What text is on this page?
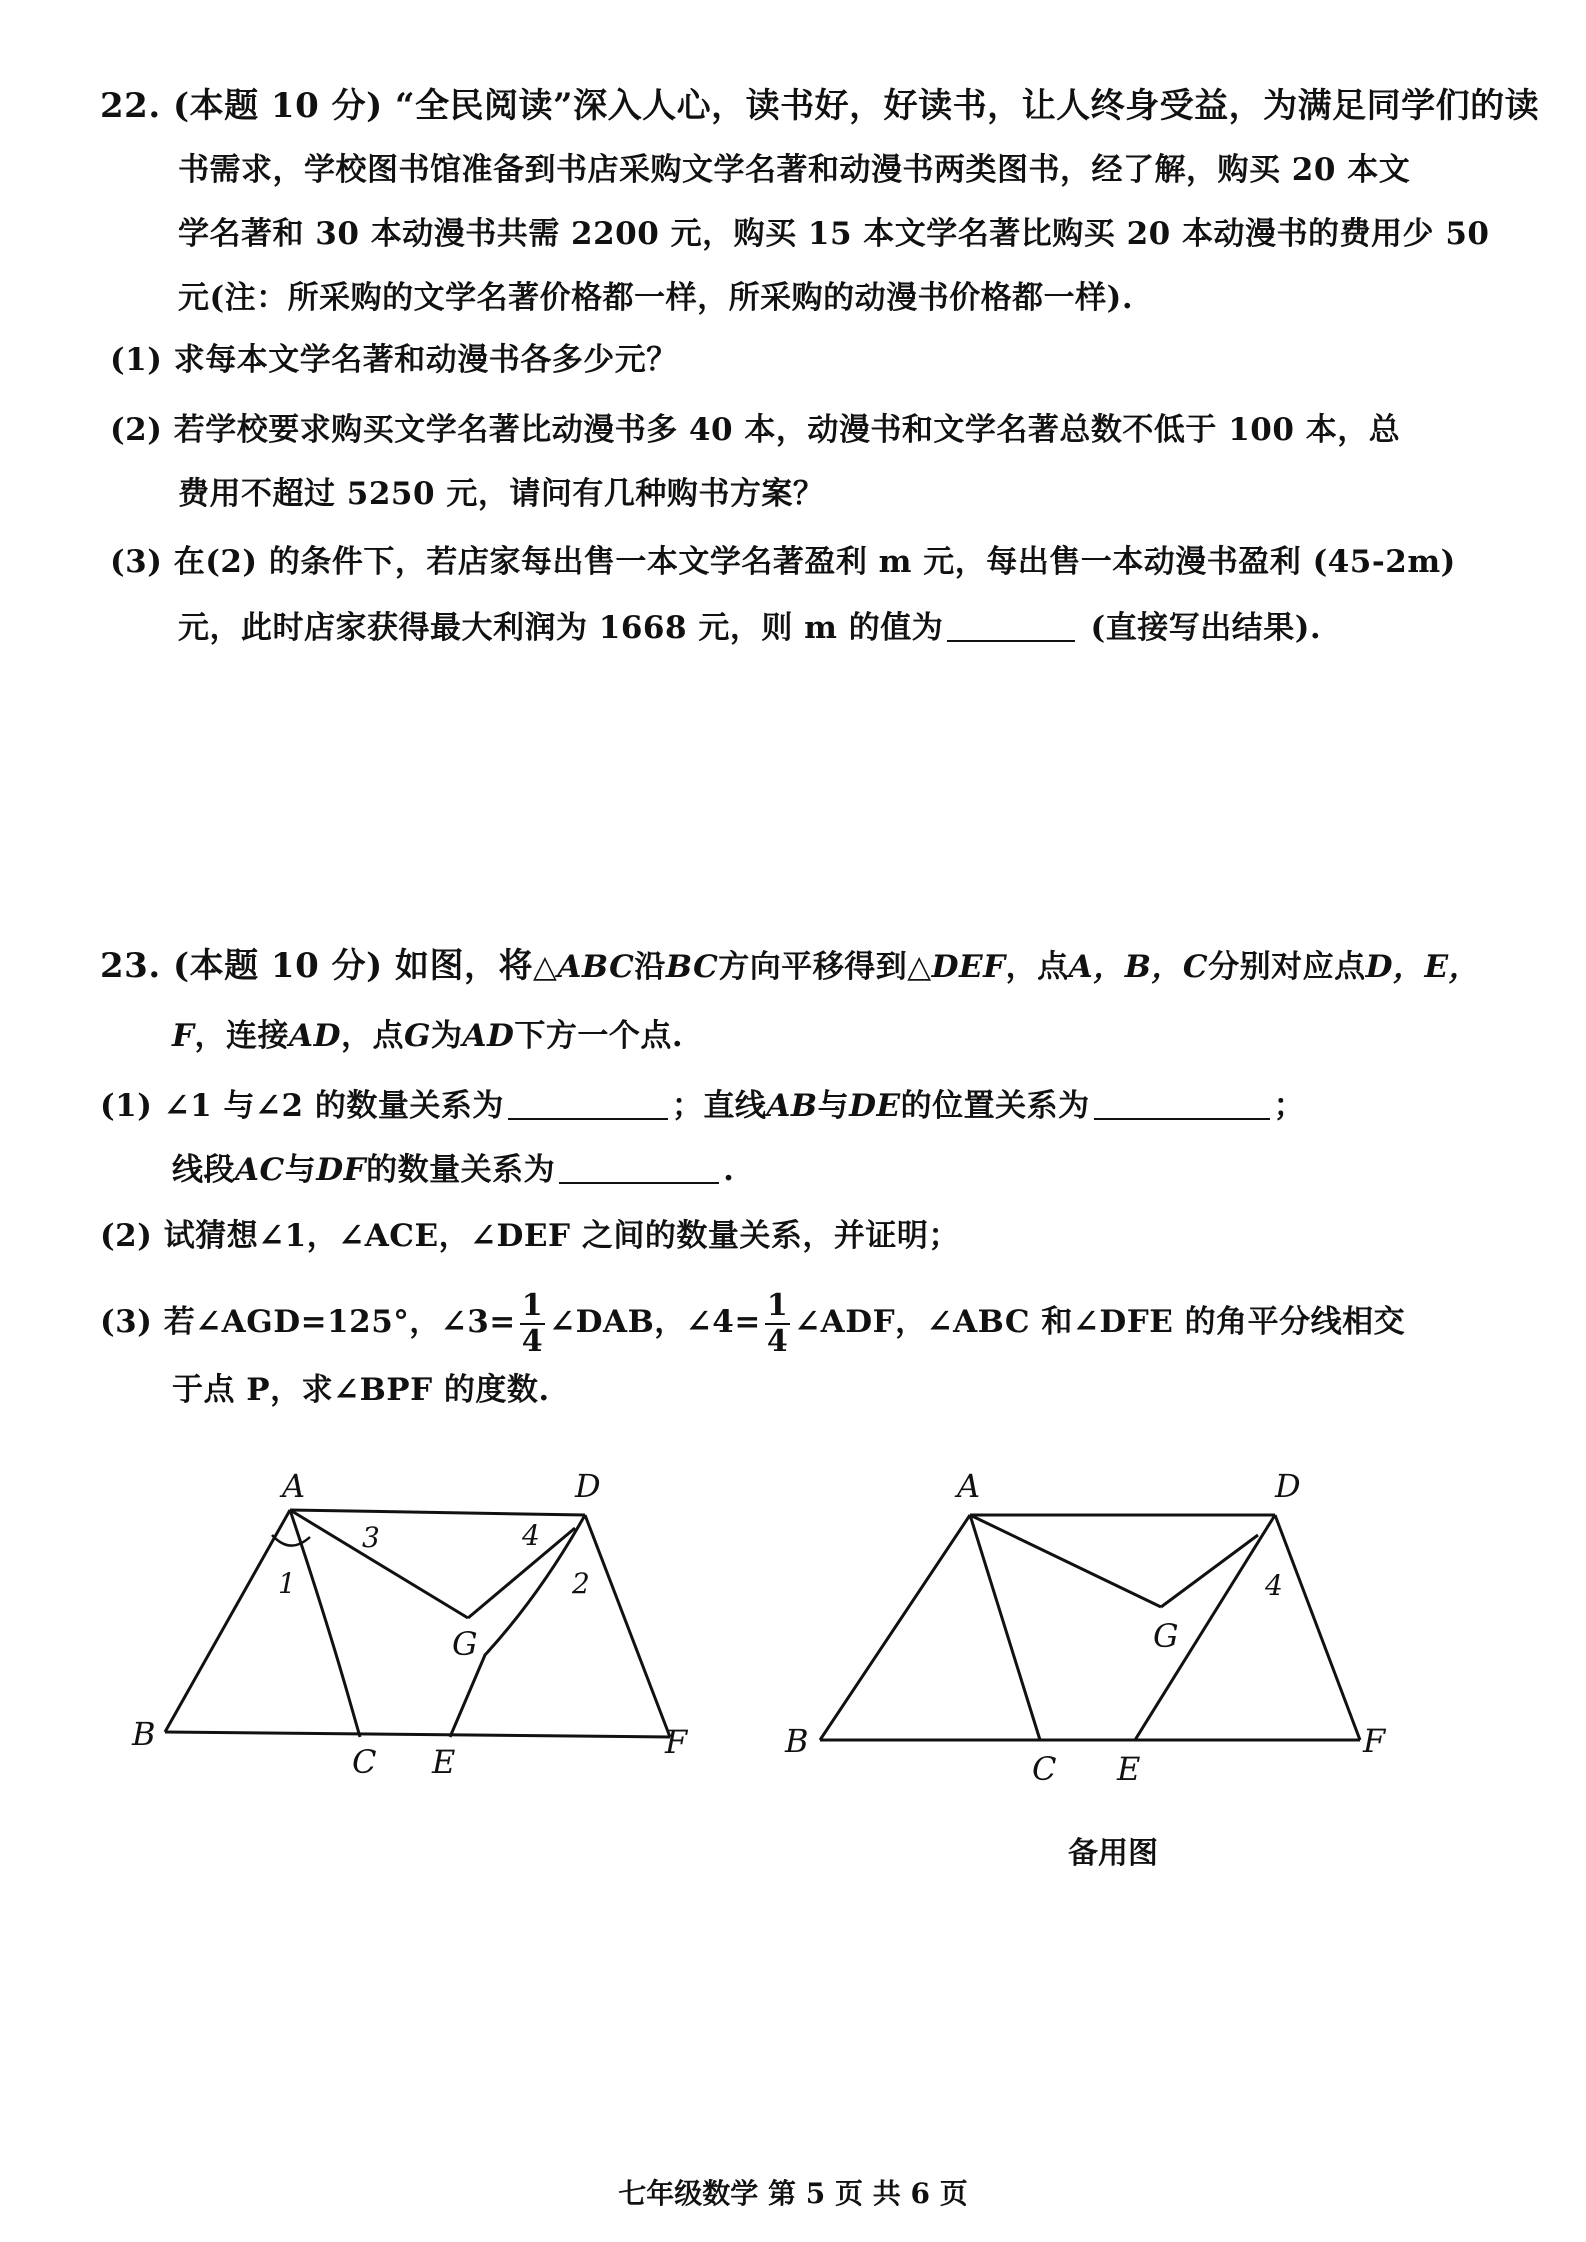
22. (本题 10 分) “全民阅读”深入人心，读书好，好读书，让人终身受益，为满足同学们的读
书需求，学校图书馆准备到书店采购文学名著和动漫书两类图书，经了解，购买 20 本文
学名著和 30 本动漫书共需 2200 元，购买 15 本文学名著比购买 20 本动漫书的费用少 50
元(注：所采购的文学名著价格都一样，所采购的动漫书价格都一样).
(1) 求每本文学名著和动漫书各多少元？
(2) 若学校要求购买文学名著比动漫书多 40 本，动漫书和文学名著总数不低于 100 本，总
费用不超过 5250 元，请问有几种购书方案？
(3) 在(2) 的条件下，若店家每出售一本文学名著盈利 m 元，每出售一本动漫书盈利 (45-2m)
元，此时店家获得最大利润为 1668 元，则 m 的值为	(直接写出结果).
23. (本题 10 分) 如图，将△ABC沿BC方向平移得到△DEF，点A，B，C分别对应点D，E，
F，连接AD，点G为AD下方一个点.
(1) ∠1 与∠2 的数量关系为	；直线AB与DE的位置关系为	；
线段AC与DF的数量关系为	.
(2) 试猜想∠1，∠ACE，∠DEF 之间的数量关系，并证明；
(3) 若∠AGD=125°，∠3= $\frac{1}{4}$ ∠DAB，∠4= $\frac{1}{4}$ ∠ADF，∠ABC 和∠DFE 的角平分线相交
于点 P，求∠BPF 的度数.
A	D
B
C E
F
G
1	2
3	4
A	D
B
C E
F
G
4
备用图
七年级数学 第 5 页 共 6 页
